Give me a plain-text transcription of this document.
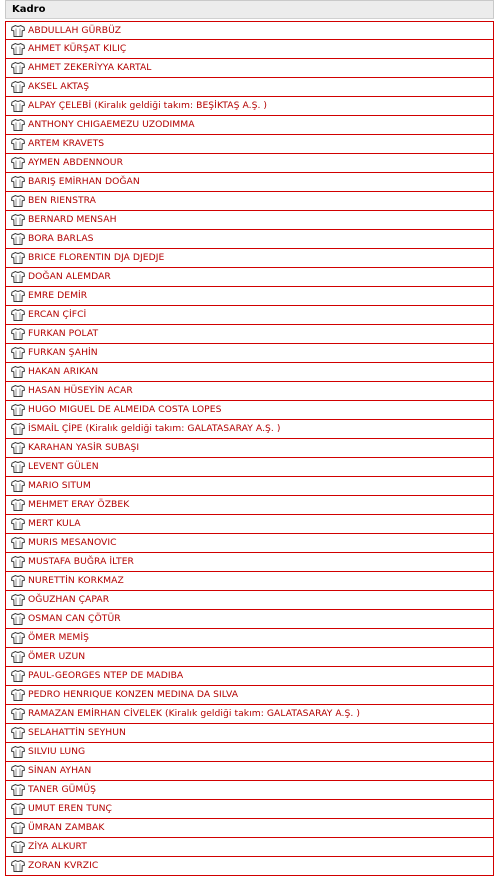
Kadro
ABDULLAH GÜRBÜZ
AHMET KÜRŞAT KILIÇ
AHMET ZEKERİYYA KARTAL
AKSEL AKTAŞ
ALPAY ÇELEBİ (Kiralık geldiği takım: BEŞİKTAŞ A.Ş. )
ANTHONY CHIGAEMEZU UZODIMMA
ARTEM KRAVETS
AYMEN ABDENNOUR
BARIŞ EMİRHAN DOĞAN
BEN RIENSTRA
BERNARD MENSAH
BORA BARLAS
BRICE FLORENTIN DJA DJEDJE
DOĞAN ALEMDAR
EMRE DEMİR
ERCAN ÇİFCİ
FURKAN POLAT
FURKAN ŞAHİN
HAKAN ARIKAN
HASAN HÜSEYİN ACAR
HUGO MIGUEL DE ALMEIDA COSTA LOPES
İSMAİL ÇİPE (Kiralık geldiği takım: GALATASARAY A.Ş. )
KARAHAN YASİR SUBAŞI
LEVENT GÜLEN
MARIO SITUM
MEHMET ERAY ÖZBEK
MERT KULA
MURIS MESANOVIC
MUSTAFA BUĞRA İLTER
NURETTİN KORKMAZ
OĞUZHAN ÇAPAR
OSMAN CAN ÇÖTÜR
ÖMER MEMİŞ
ÖMER UZUN
PAUL-GEORGES NTEP DE MADIBA
PEDRO HENRIQUE KONZEN MEDINA DA SILVA
RAMAZAN EMİRHAN CİVELEK (Kiralık geldiği takım: GALATASARAY A.Ş. )
SELAHATTİN SEYHUN
SILVIU LUNG
SİNAN AYHAN
TANER GÜMÜŞ
UMUT EREN TUNÇ
ÜMRAN ZAMBAK
ZİYA ALKURT
ZORAN KVRZIC
